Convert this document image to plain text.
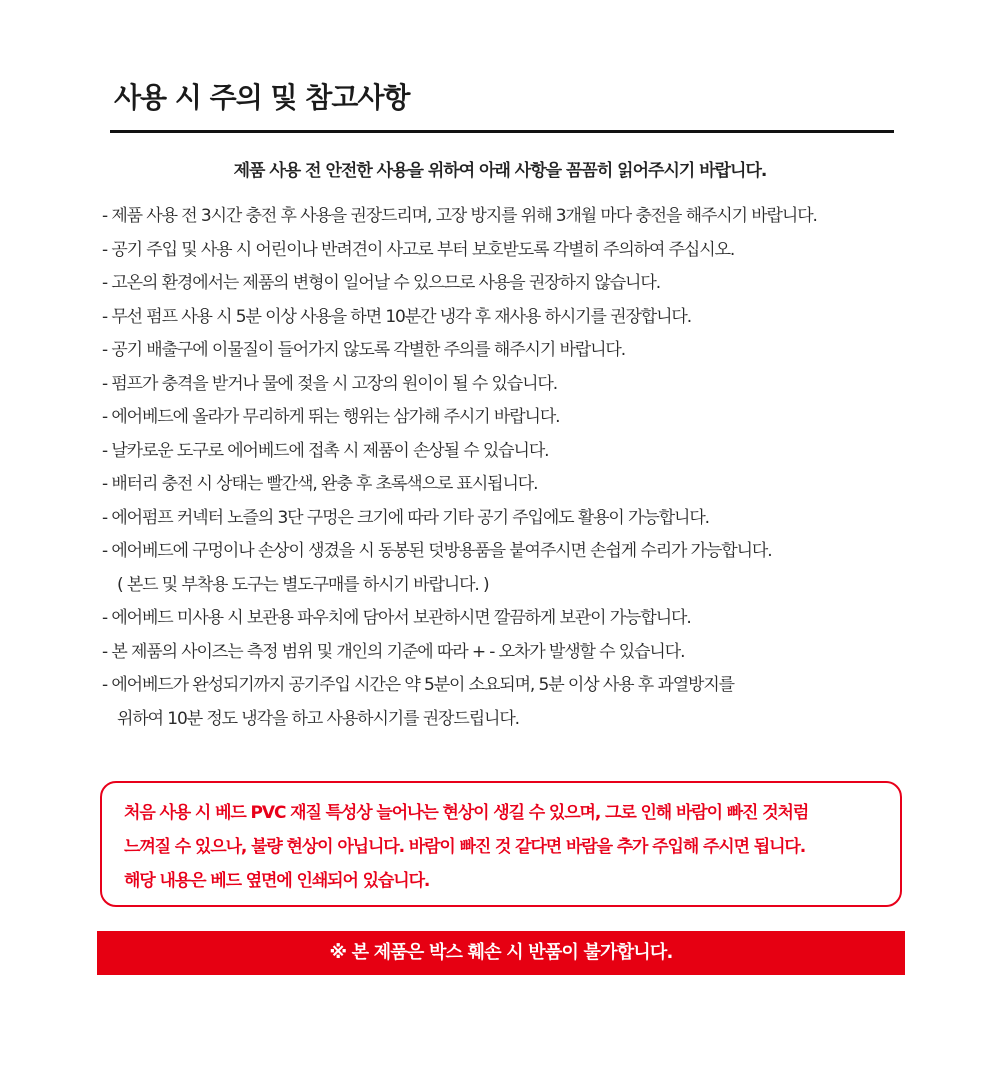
사용 시 주의 및 참고사항
제품 사용 전 안전한 사용을 위하여 아래 사항을 꼼꼼히 읽어주시기 바랍니다.
- 제품 사용 전 3시간 충전 후 사용을 권장드리며, 고장 방지를 위해 3개월 마다 충전을 해주시기 바랍니다.
- 공기 주입 및 사용 시 어린이나 반려견이 사고로 부터 보호받도록 각별히 주의하여 주십시오.
- 고온의 환경에서는 제품의 변형이 일어날 수 있으므로 사용을 권장하지 않습니다.
- 무선 펌프 사용 시 5분 이상 사용을 하면 10분간 냉각 후 재사용 하시기를 권장합니다.
- 공기 배출구에 이물질이 들어가지 않도록 각별한 주의를 해주시기 바랍니다.
- 펌프가 충격을 받거나 물에 젖을 시 고장의 원이이 될 수 있습니다.
- 에어베드에 올라가 무리하게 뛰는 행위는 삼가해 주시기 바랍니다.
- 날카로운 도구로 에어베드에 접촉 시 제품이 손상될 수 있습니다.
- 배터리 충전 시 상태는 빨간색, 완충 후 초록색으로 표시됩니다.
- 에어펌프 커넥터 노즐의 3단 구멍은 크기에 따라 기타 공기 주입에도 활용이 가능합니다.
- 에어베드에 구멍이나 손상이 생겼을 시 동봉된 덧방용품을 붙여주시면 손쉽게 수리가 가능합니다.
( 본드 및 부착용 도구는 별도구매를 하시기 바랍니다. )
- 에어베드 미사용 시 보관용 파우치에 담아서 보관하시면 깔끔하게 보관이 가능합니다.
- 본 제품의 사이즈는 측정 범위 및 개인의 기준에 따라 + - 오차가 발생할 수 있습니다.
- 에어베드가 완성되기까지 공기주입 시간은 약 5분이 소요되며, 5분 이상 사용 후 과열방지를
위하여 10분 정도 냉각을 하고 사용하시기를 권장드립니다.
처음 사용 시 베드 PVC 재질 특성상 늘어나는 현상이 생길 수 있으며, 그로 인해 바람이 빠진 것처럼
느껴질 수 있으나, 불량 현상이 아닙니다. 바람이 빠진 것 같다면 바람을 추가 주입해 주시면 됩니다.
해당 내용은 베드 옆면에 인쇄되어 있습니다.
※ 본 제품은 박스 훼손 시 반품이 불가합니다.
